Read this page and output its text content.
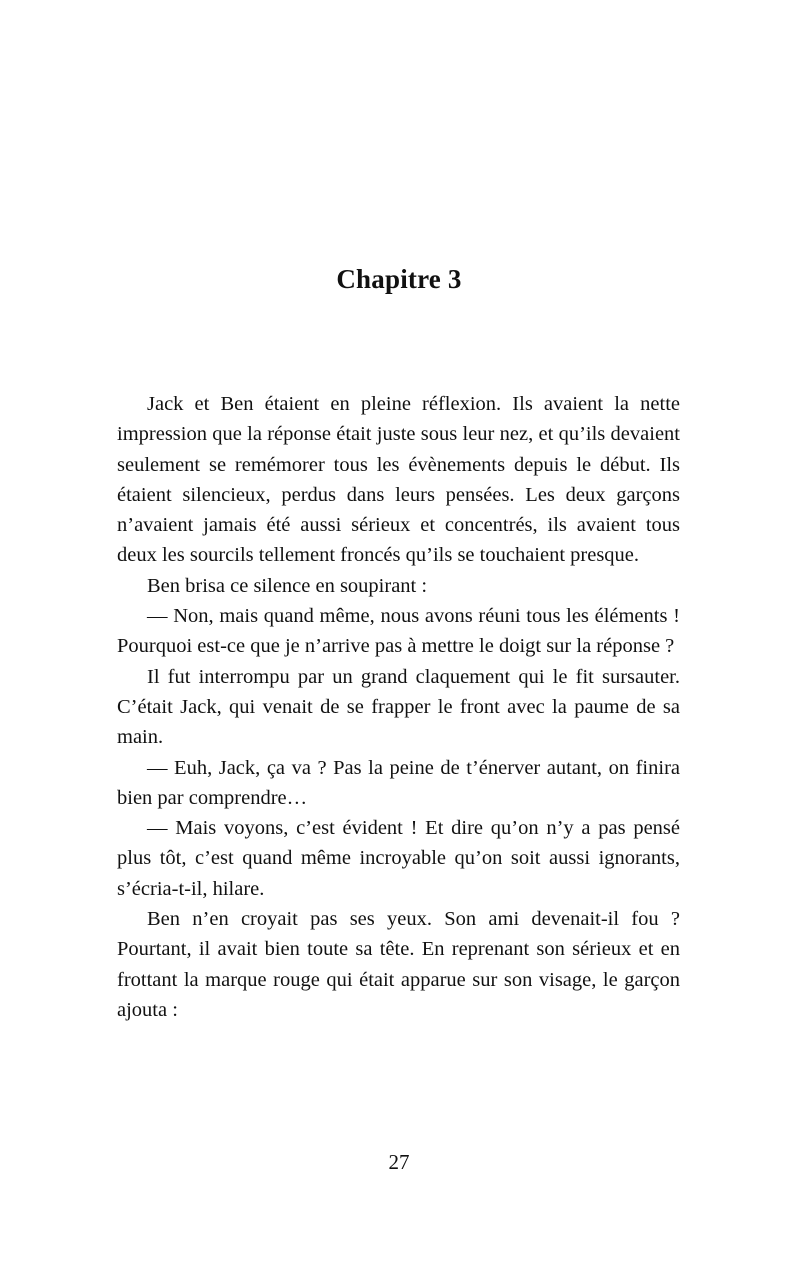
Chapitre 3

Jack et Ben étaient en pleine réflexion. Ils avaient la nette impression que la réponse était juste sous leur nez, et qu’ils devaient seulement se remémorer tous les évènements depuis le début. Ils étaient silencieux, perdus dans leurs pensées. Les deux garçons n’avaient jamais été aussi sérieux et concentrés, ils avaient tous deux les sourcils tellement froncés qu’ils se touchaient presque.

Ben brisa ce silence en soupirant :

— Non, mais quand même, nous avons réuni tous les éléments ! Pourquoi est-ce que je n’arrive pas à mettre le doigt sur la réponse ?

Il fut interrompu par un grand claquement qui le fit sursauter. C’était Jack, qui venait de se frapper le front avec la paume de sa main.

— Euh, Jack, ça va ? Pas la peine de t’énerver autant, on finira bien par comprendre…

— Mais voyons, c’est évident ! Et dire qu’on n’y a pas pensé plus tôt, c’est quand même incroyable qu’on soit aussi ignorants, s’écria-t-il, hilare.

Ben n’en croyait pas ses yeux. Son ami devenait-il fou ? Pourtant, il avait bien toute sa tête. En reprenant son sérieux et en frottant la marque rouge qui était apparue sur son visage, le garçon ajouta :

27
